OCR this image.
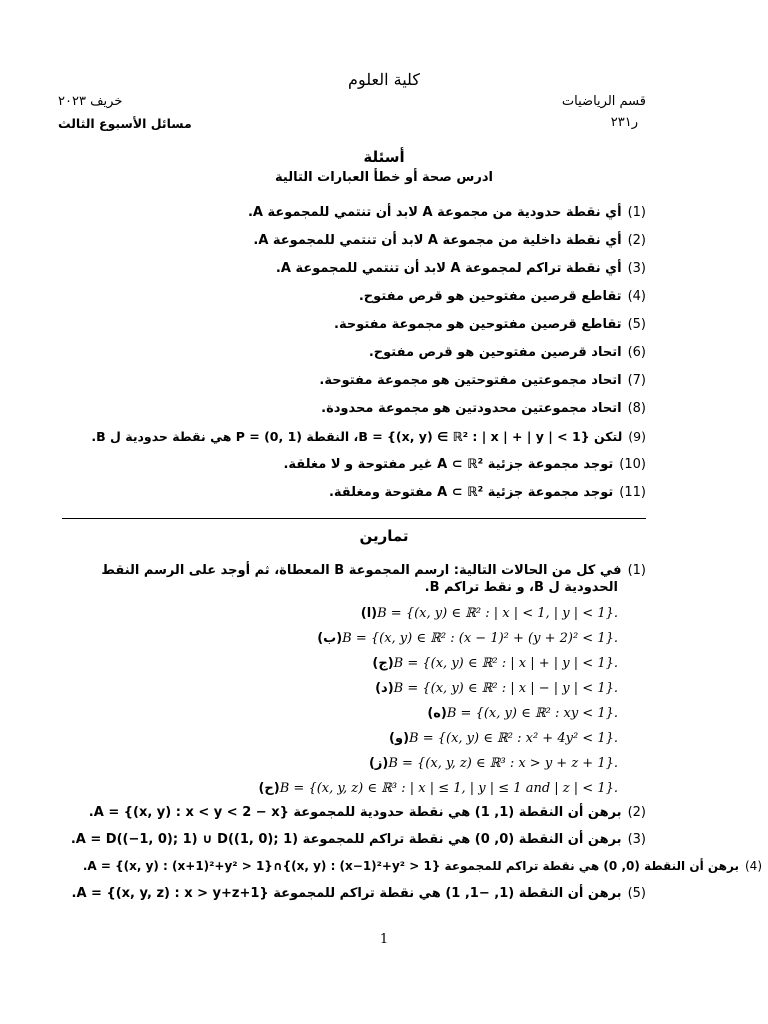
كلية العلوم
قسم الرياضيات
ر٢٣١
خريف ٢٠٢٣
مسائل الأسبوع الثالث
أسئلة
ادرس صحة أو خطأ العبارات التالية
(1)أي نقطة حدودية من مجموعة A لابد أن تنتمي للمجموعة A.
(2)أي نقطة داخلية من مجموعة A لابد أن تنتمي للمجموعة A.
(3)أي نقطة تراكم لمجموعة A لابد أن تنتمي للمجموعة A.
(4)تقاطع قرصين مفتوحين هو قرص مفتوح.
(5)تقاطع قرصين مفتوحين هو مجموعة مفتوحة.
(6)اتحاد قرصين مفتوحين هو قرص مفتوح.
(7)اتحاد مجموعتين مفتوحتين هو مجموعة مفتوحة.
(8)اتحاد مجموعتين محدودتين هو مجموعة محدودة.
(9)لتكن B = {(x, y) ∈ ℝ² : | x | + | y | < 1}، النقطة P = (0, 1) هي نقطة حدودية ل B.
(10)توجد مجموعة جزئية A ⊂ ℝ² غير مفتوحة و لا مغلقة.
(11)توجد مجموعة جزئية A ⊂ ℝ² مفتوحة ومغلقة.
تمارين
(1)في كل من الحالات التالية: ارسم المجموعة B المعطاة، ثم أوجد على الرسم النقط
الحدودية ل B، و نقط تراكم B.
(ا)B = {(x, y) ∈ ℝ² : | x | < 1, | y | < 1}.
(ب)B = {(x, y) ∈ ℝ² : (x − 1)² + (y + 2)² < 1}.
(ج)B = {(x, y) ∈ ℝ² : | x | + | y | < 1}.
(د)B = {(x, y) ∈ ℝ² : | x | − | y | < 1}.
(ه)B = {(x, y) ∈ ℝ² : xy < 1}.
(و)B = {(x, y) ∈ ℝ² : x² + 4y² < 1}.
(ز)B = {(x, y, z) ∈ ℝ³ : x > y + z + 1}.
(ح)B = {(x, y, z) ∈ ℝ³ : | x | ≤ 1, | y | ≤ 1 and | z | < 1}.
(2)برهن أن النقطة (1, 1) هي نقطة حدودية للمجموعة A = {(x, y) : x < y < 2 − x}.
(3)برهن أن النقطة (0, 0) هي نقطة تراكم للمجموعة A = D((−1, 0); 1) ∪ D((1, 0); 1).
(4)برهن أن النقطة (0, 0) هي نقطة تراكم للمجموعة A = {(x, y) : (x+1)²+y² > 1}∩{(x, y) : (x−1)²+y² > 1}.
(5)برهن أن النقطة (1, −1, 1) هي نقطة تراكم للمجموعة A = {(x, y, z) : x > y+z+1}.
1
